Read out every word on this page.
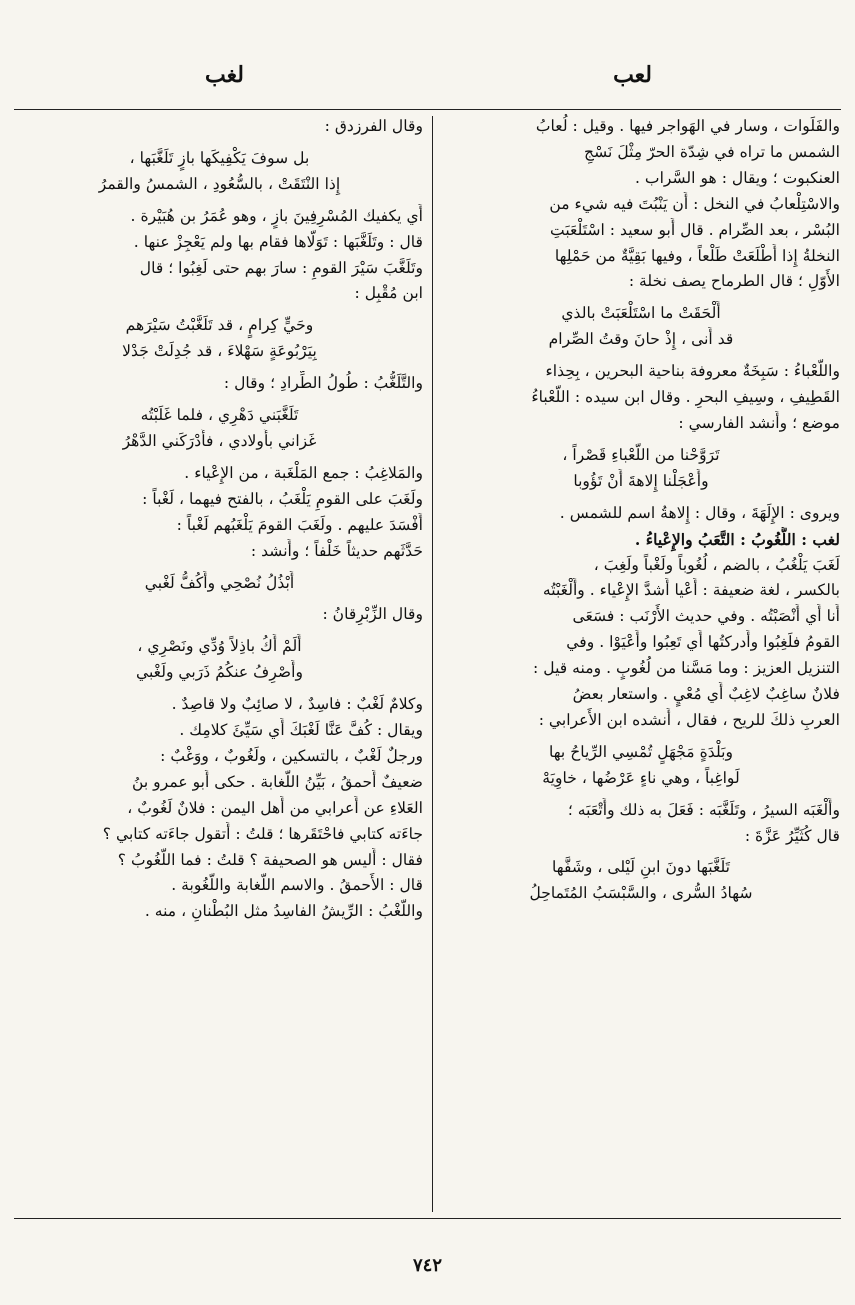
لعب
لغب
والفَلَوات ، وسار في الهَواجر فيها . وقيل : لُعابُ
الشمس ما تراه في شِدّة الحرّ مِثْلَ نَسْجِ
العنكبوت ؛ ويقال : هو السَّراب .
والاسْتِلْعابُ في النخل : أَن يَنْبُتَ فيه شيء من
البُسْر ، بعد الصِّرام . قال أَبو سعيد : اسْتَلْعَبَتِ
النخلةُ إِذا أَطْلَعَتْ طَلْعاً ، وفيها بَقِيَّةٌ من حَمْلِها
الأَوّلِ ؛ قال الطرماح يصف نخلة :
أَلْحَقَتْ ما اسْتَلْعَبَتْ بالذي
قد أَنى ، إِذْ حانَ وقتُ الصِّرام
واللَّعْباءُ : سَبِخَةٌ معروفة بناحية البحرين ، بِحِذاء
القَطِيفِ ، وسِيفِ البحرِ . وقال ابن سيده : اللَّعْباءُ
موضع ؛ وأَنشد الفارسي :
تَرَوَّحْنا من اللَّعْباءِ قَصْراً ،
وأَعْجَلْنا إِلاهةَ أَنْ تَؤُوبا
ويروى : الإِلَهَةَ ، وقال : إِلاهةُ اسم للشمس .
لغب : اللُّغُوبُ : التَّعَبُ والإِعْياءُ .
لَغَبَ يَلْغُبُ ، بالضم ، لُغُوباً ولَغْباً ولَغِبَ ،
بالكسر ، لغة ضعيفة : أَعْيا أَشدَّ الإِعْياء . وأَلْغَبْتُه
أَنا أَي أَنْصَبْتُه . وفي حديث الأَرْنَب : فسَعَى
القومُ فلَغِبُوا وأَدركتُها أَي تَعِبُوا وأَعْيَوْا . وفي
التنزيل العزيز : وما مَسَّنا من لُغُوبٍ . ومنه قيل :
فلانٌ ساغِبٌ لاغِبٌ أَي مُعْيٍ . واستعار بعضُ
العربِ ذلكَ للريح ، فقال ، أَنشده ابن الأَعرابي :
وبَلْدَةٍ مَجْهَلٍ تُمْسِي الرِّياحُ بها
لَواغِباً ، وهي ناءٍ عَرْضُها ، خاوِيَهْ
وأَلْغَبَه السيرُ ، وتَلَغَّبَه : فَعَلَ به ذلك وأَتْعَبَه ؛
قال كُثَيِّرُ عَزَّةَ :
تَلَغَّبَها دونَ ابنِ لَيْلى ، وشَفَّها
سُهادُ السُّرى ، والسَّبْسَبُ المُتَماحِلُ
وقال الفرزدق :
بل سوفَ يَكْفِيكَها بازٍ تَلَغَّبَها ،
إِذا النْتَقَتْ ، بالسُّعُودِ ، الشمسُ والقمرُ
أَي يكفيك المُسْرِفِينَ بازٍ ، وهو عُمَرُ بن هُبَيْرة .
قال : وتَلَغَّبَها : تَوَلَّاها فقام بها ولم يَعْجِزْ عنها .
وتَلَغَّبَ سَيْرَ القومِ : سارَ بهم حتى لَغِبُوا ؛ قال
ابن مُقْبِل :
وحَيٍّ كِرامٍ ، قد تَلَغَّبْتُ سَيْرَهم
بِيَرْبُوعَةٍ سَهْلاءَ ، قد جُدِلَتْ جَدْلا
والتَّلَغُّبُ : طُولُ الطِّرادِ ؛ وقال :
تَلَغَّبَني دَهْرِي ، فلما غَلَبْتُه
غَزاني بأَولادي ، فأَدْرَكَني الدَّهْرُ
والمَلاغِبُ : جمع المَلْغَبة ، من الإِعْياء .
ولَغَبَ على القومِ يَلْغَبُ ، بالفتح فيهما ، لَغْباً :
أَفْسَدَ عليهم . ولَغَبَ القومَ يَلْغَبُهم لَغْباً :
حَدَّثَهم حديثاً خَلْفاً ؛ وأَنشد :
أَبْذُلُ نُصْحِي وأَكُفُّ لَغْبي
وقال الزِّبْرِقانُ :
أَلَمْ أَكُ باذِلاً وُدِّي ونَصْرِي ،
وأَصْرِفُ عنكُمُ ذَرَبي ولَغْبي
وكلامٌ لَغْبٌ : فاسِدٌ ، لا صائِبٌ ولا قاصِدٌ .
ويقال : كُفَّ عَنَّا لَغْبَكَ أَي سَيِّئَ كلامِك .
ورجلٌ لَغْبٌ ، بالتسكين ، ولَغُوبٌ ، ووَغْبٌ :
ضعيفٌ أَحمقُ ، بَيِّنُ اللَّغابة . حكى أَبو عمرو بنُ
العَلاءِ عن أَعرابي من أَهل اليمن : فلانٌ لَغُوبٌ ،
جاءَته كتابي فاحْتَقَرها ؛ قلتُ : أَتقول جاءَته كتابي ؟
فقال : أَليس هو الصحيفة ؟ قلتُ : فما اللَّغُوبُ ؟
قال : الأَحمقُ . والاسم اللَّغابة واللُّغُوبة .
واللَّغْبُ : الرِّيشُ الفاسِدُ مثل البُطْنانِ ، منه .
٧٤٢
